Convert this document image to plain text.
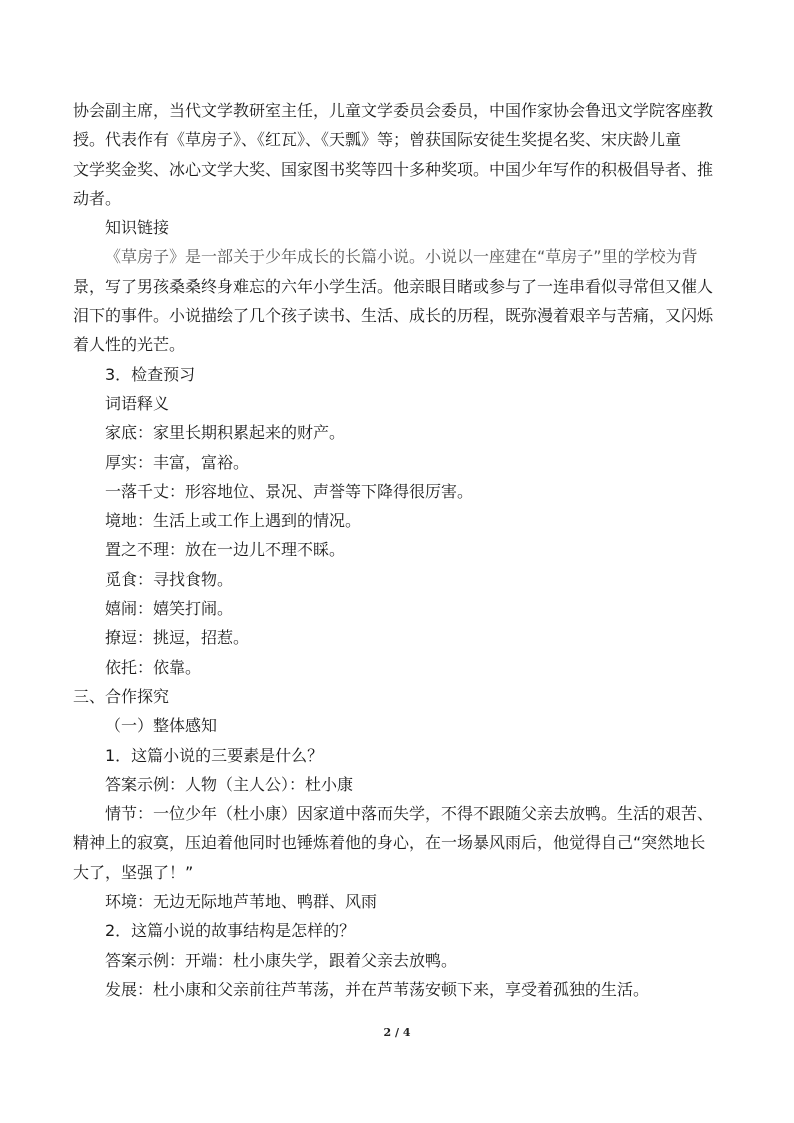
协会副主席，当代文学教研室主任，儿童文学委员会委员，中国作家协会鲁迅文学院客座教
授。代表作有《草房子》、《红瓦》、《天瓢》等；曾获国际安徒生奖提名奖、宋庆龄儿童
文学奖金奖、冰心文学大奖、国家图书奖等四十多种奖项。中国少年写作的积极倡导者、推
动者。
知识链接
《草房子》是一部关于少年成长的长篇小说。小说以一座建在“草房子”里的学校为背
景，写了男孩桑桑终身难忘的六年小学生活。他亲眼目睹或参与了一连串看似寻常但又催人
泪下的事件。小说描绘了几个孩子读书、生活、成长的历程，既弥漫着艰辛与苦痛，又闪烁
着人性的光芒。
3．检查预习
词语释义
家底：家里长期积累起来的财产。
厚实：丰富，富裕。
一落千丈：形容地位、景况、声誉等下降得很厉害。
境地：生活上或工作上遇到的情况。
置之不理：放在一边儿不理不睬。
觅食：寻找食物。
嬉闹：嬉笑打闹。
撩逗：挑逗，招惹。
依托：依靠。
三、合作探究
（一）整体感知
1．这篇小说的三要素是什么？
答案示例：人物（主人公）：杜小康
情节：一位少年（杜小康）因家道中落而失学，不得不跟随父亲去放鸭。生活的艰苦、
精神上的寂寞，压迫着他同时也锤炼着他的身心，在一场暴风雨后，他觉得自己“突然地长
大了，坚强了！”
环境：无边无际地芦苇地、鸭群、风雨
2．这篇小说的故事结构是怎样的？
答案示例：开端：杜小康失学，跟着父亲去放鸭。
发展：杜小康和父亲前往芦苇荡，并在芦苇荡安顿下来，享受着孤独的生活。
2 / 4
